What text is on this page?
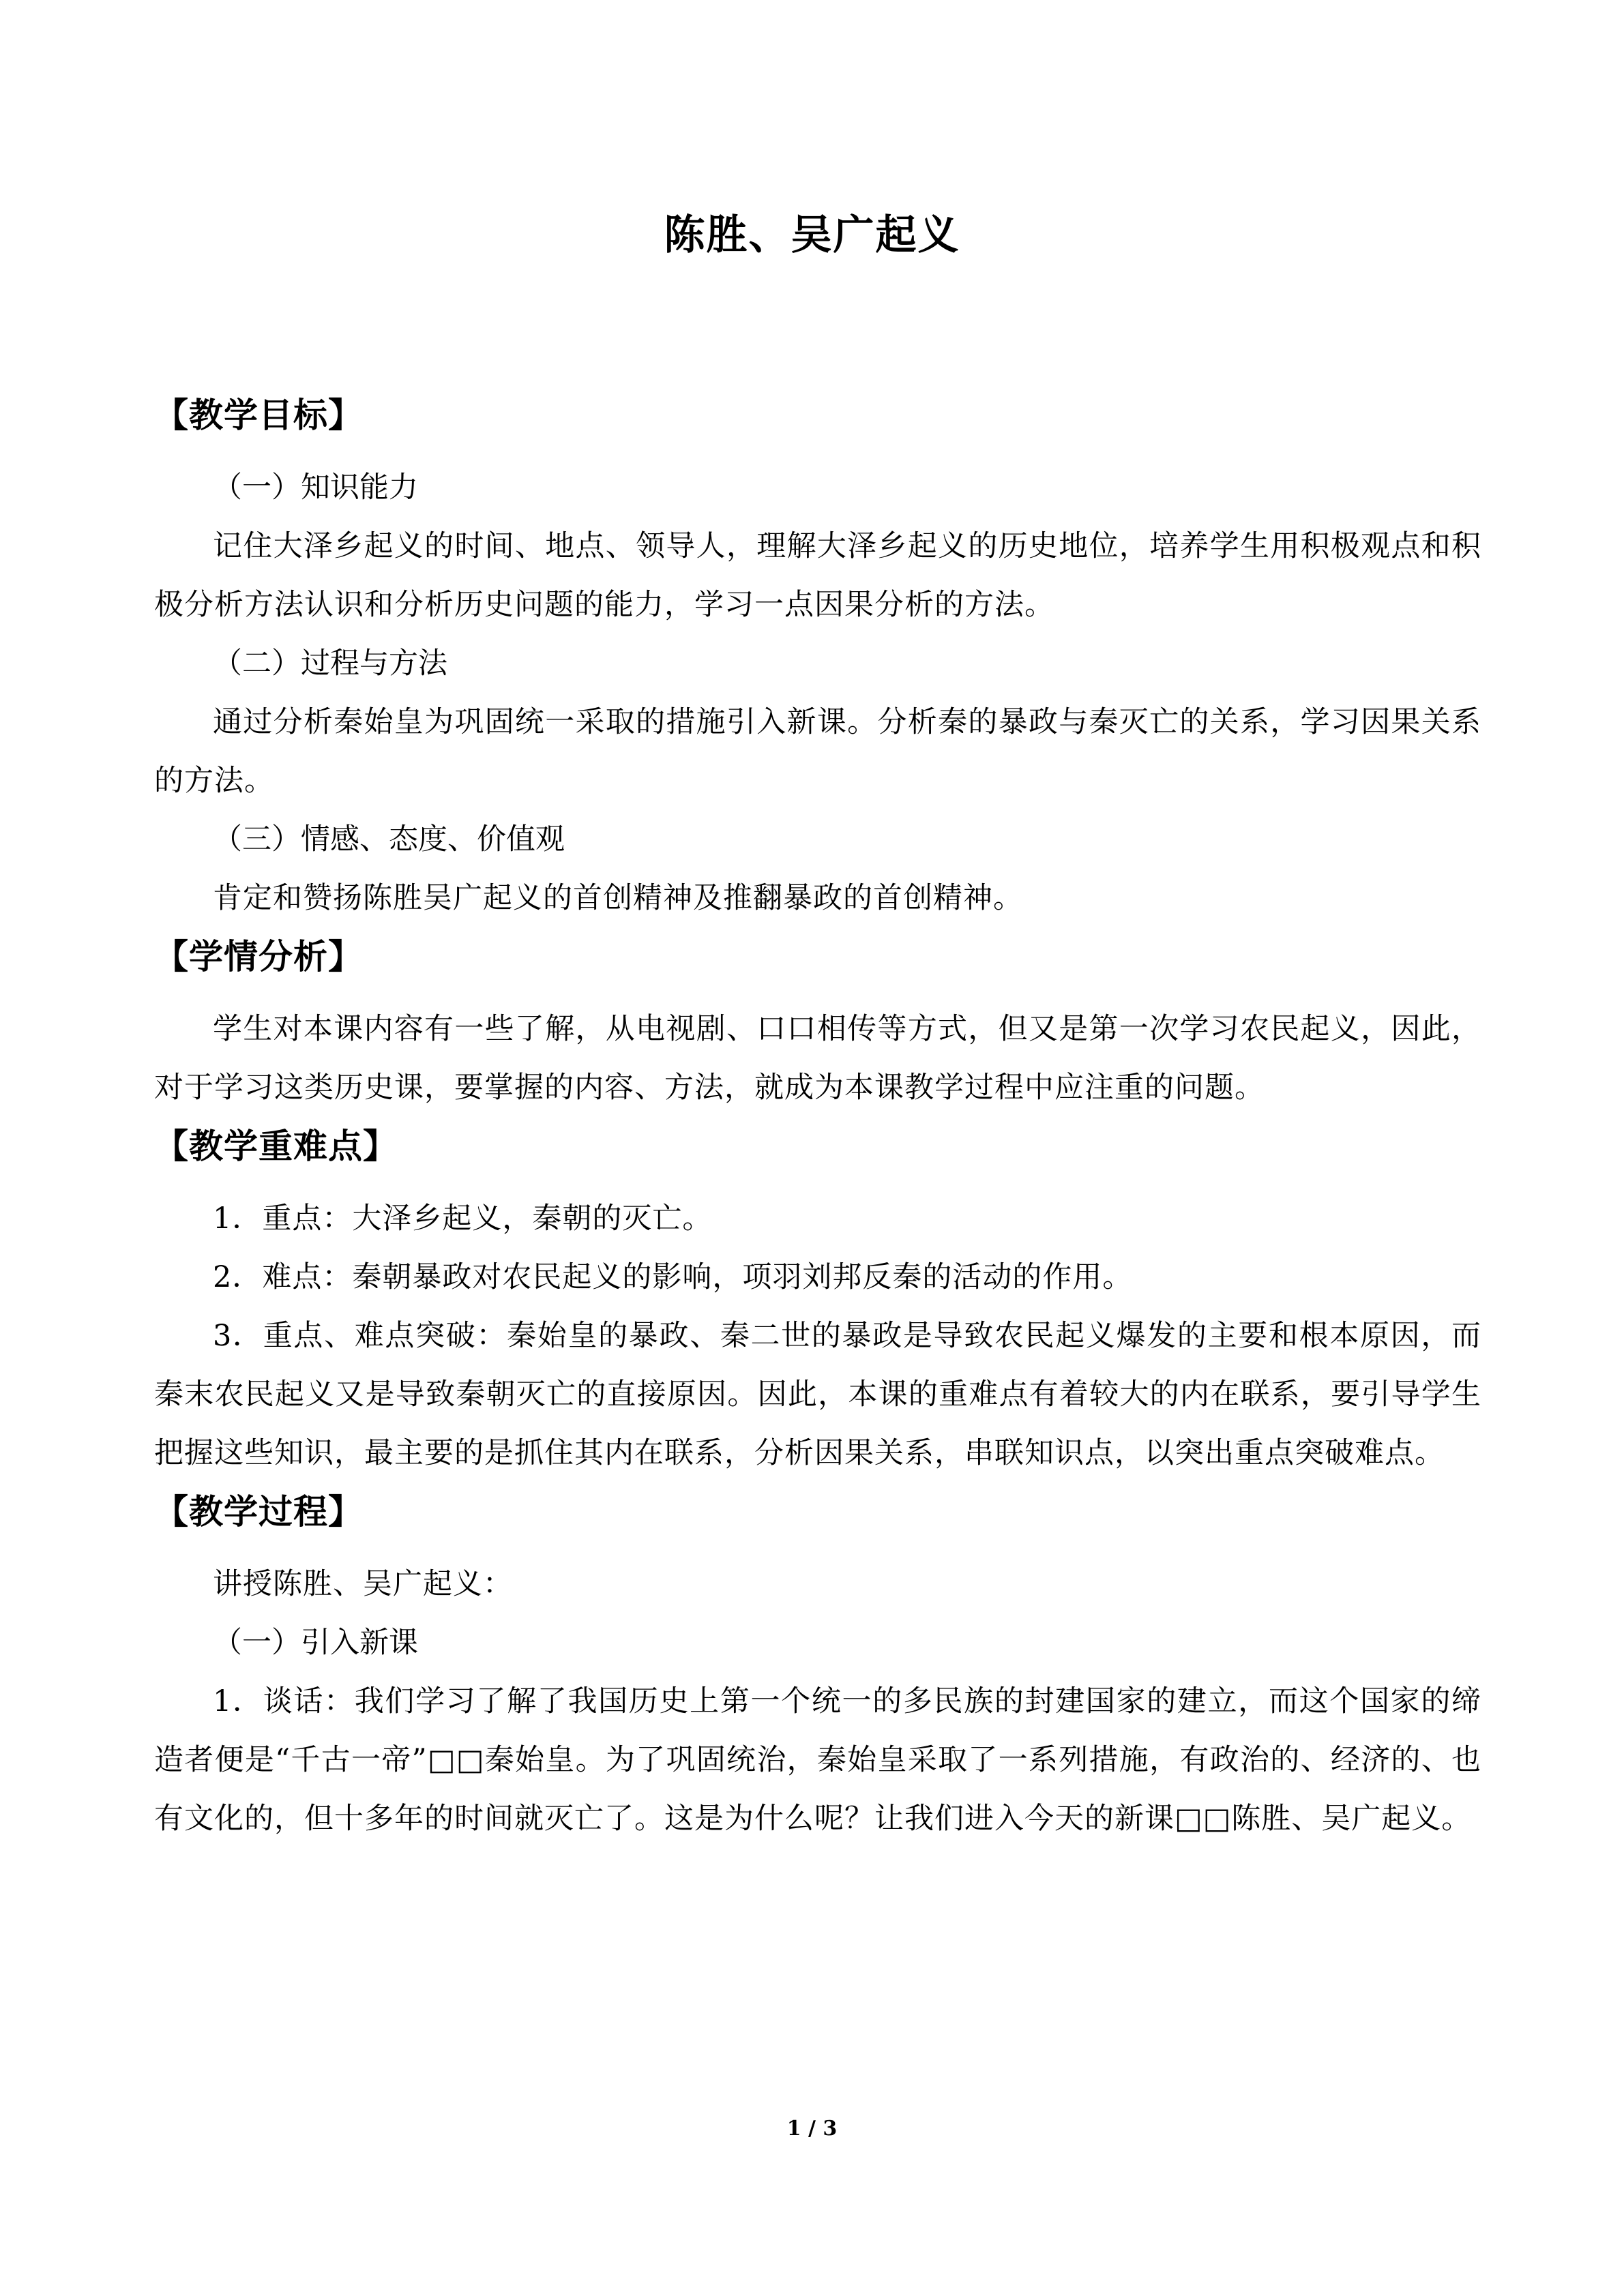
陈胜、吴广起义
【教学目标】
（一）知识能力
记住大泽乡起义的时间、地点、领导人，理解大泽乡起义的历史地位，培养学生用积极观点和积极分析方法认识和分析历史问题的能力，学习一点因果分析的方法。
（二）过程与方法
通过分析秦始皇为巩固统一采取的措施引入新课。分析秦的暴政与秦灭亡的关系，学习因果关系的方法。
（三）情感、态度、价值观
肯定和赞扬陈胜吴广起义的首创精神及推翻暴政的首创精神。
【学情分析】
学生对本课内容有一些了解，从电视剧、口口相传等方式，但又是第一次学习农民起义，因此，对于学习这类历史课，要掌握的内容、方法，就成为本课教学过程中应注重的问题。
【教学重难点】
1．重点：大泽乡起义，秦朝的灭亡。
2．难点：秦朝暴政对农民起义的影响，项羽刘邦反秦的活动的作用。
3．重点、难点突破：秦始皇的暴政、秦二世的暴政是导致农民起义爆发的主要和根本原因，而秦末农民起义又是导致秦朝灭亡的直接原因。因此，本课的重难点有着较大的内在联系，要引导学生把握这些知识，最主要的是抓住其内在联系，分析因果关系，串联知识点，以突出重点突破难点。
【教学过程】
讲授陈胜、吴广起义：
（一）引入新课
1．谈话：我们学习了解了我国历史上第一个统一的多民族的封建国家的建立，而这个国家的缔造者便是“千古一帝”□□秦始皇。为了巩固统治，秦始皇采取了一系列措施，有政治的、经济的、也有文化的，但十多年的时间就灭亡了。这是为什么呢？让我们进入今天的新课□□陈胜、吴广起义。
1 / 3
